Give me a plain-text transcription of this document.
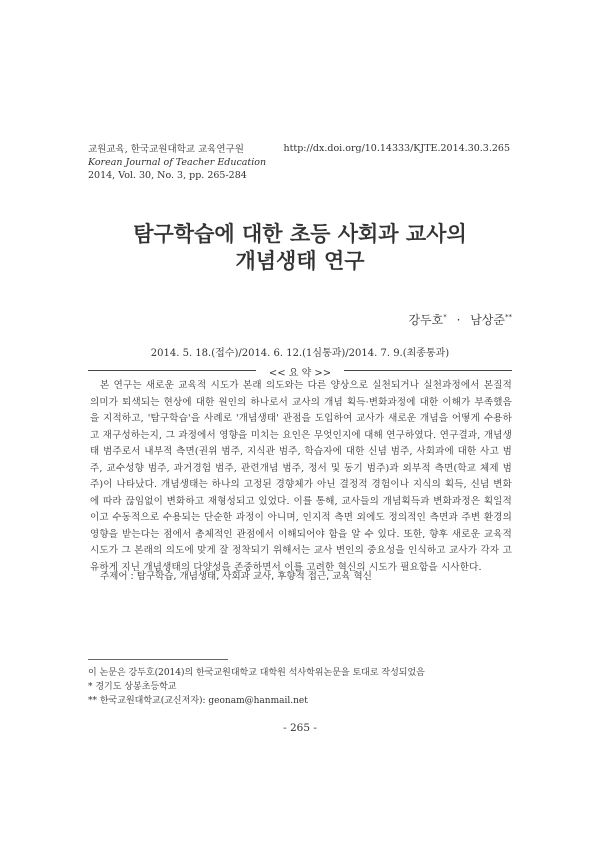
교원교육, 한국교원대학교 교육연구원
Korean Journal of Teacher Education
2014, Vol. 30, No. 3, pp. 265-284
http://dx.doi.org/10.14333/KJTE.2014.30.3.265
탐구학습에 대한 초등 사회과 교사의
개념생태 연구
강두호* · 남상준**
2014. 5. 18.(접수)/2014. 6. 12.(1심통과)/2014. 7. 9.(최종통과)
<< 요 약 >>
본 연구는 새로운 교육적 시도가 본래 의도와는 다른 양상으로 실천되거나 실천과정에서 본질적 의미가 퇴색되는 현상에 대한 원인의 하나로서 교사의 개념 획득·변화과정에 대한 이해가 부족했음을 지적하고, '탐구학습'을 사례로 '개념생태' 관점을 도입하여 교사가 새로운 개념을 어떻게 수용하고 재구성하는지, 그 과정에서 영향을 미치는 요인은 무엇인지에 대해 연구하였다. 연구결과, 개념생태 범주로서 내부적 측면(권위 범주, 지식관 범주, 학습자에 대한 신념 범주, 사회과에 대한 사고 범주, 교수성향 범주, 과거경험 범주, 관련개념 범주, 정서 및 동기 범주)과 외부적 측면(학교 체제 범주)이 나타났다. 개념생태는 하나의 고정된 경향체가 아닌 결정적 경험이나 지식의 획득, 신념 변화에 따라 끊임없이 변화하고 재형성되고 있었다. 이를 통해, 교사들의 개념획득과 변화과정은 획일적이고 수동적으로 수용되는 단순한 과정이 아니며, 인지적 측면 외에도 정의적인 측면과 주변 환경의 영향을 받는다는 점에서 총체적인 관점에서 이해되어야 함을 알 수 있다. 또한, 향후 새로운 교육적 시도가 그 본래의 의도에 맞게 잘 정착되기 위해서는 교사 변인의 중요성을 인식하고 교사가 각자 고유하게 지닌 개념생태의 다양성을 존중하면서 이를 고려한 혁신의 시도가 필요함을 시사한다.
주제어 : 탐구학습, 개념생태, 사회과 교사, 후향적 접근, 교육 혁신
이 논문은 강두호(2014)의 한국교원대학교 대학원 석사학위논문을 토대로 작성되었음
* 경기도 상봉초등학교
** 한국교원대학교(교신저자): geonam@hanmail.net
- 265 -
